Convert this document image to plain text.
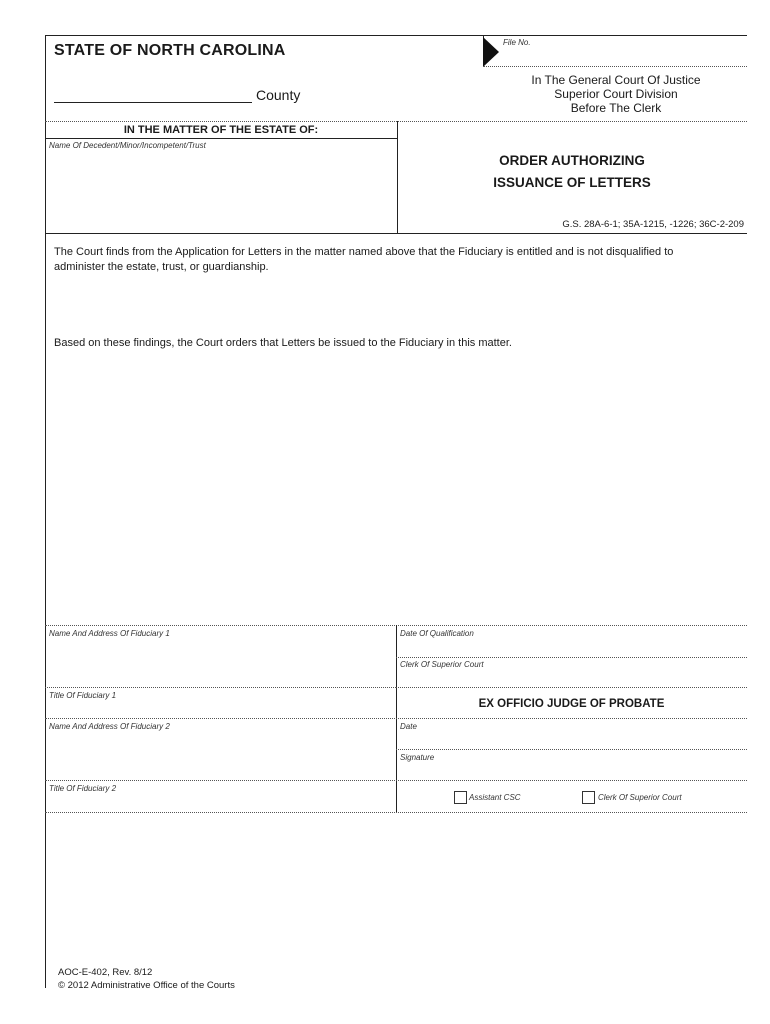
File No.
STATE OF NORTH CAROLINA
County
In The General Court Of Justice
Superior Court Division
Before The Clerk
IN THE MATTER OF THE ESTATE OF:
Name Of Decedent/Minor/Incompetent/Trust
ORDER AUTHORIZING
ISSUANCE OF LETTERS
G.S. 28A-6-1; 35A-1215, -1226; 36C-2-209
The Court finds from the Application for Letters in the matter named above that the Fiduciary is entitled and is not disqualified to administer the estate, trust, or guardianship.
Based on these findings, the Court orders that Letters be issued to the Fiduciary in this matter.
Name And Address Of Fiduciary 1	Date Of Qualification
Clerk Of Superior Court
Title Of Fiduciary 1
EX OFFICIO JUDGE OF PROBATE
Name And Address Of Fiduciary 2	Date
Signature
Title Of Fiduciary 2
Assistant CSC	Clerk Of Superior Court
AOC-E-402, Rev. 8/12
© 2012 Administrative Office of the Courts
